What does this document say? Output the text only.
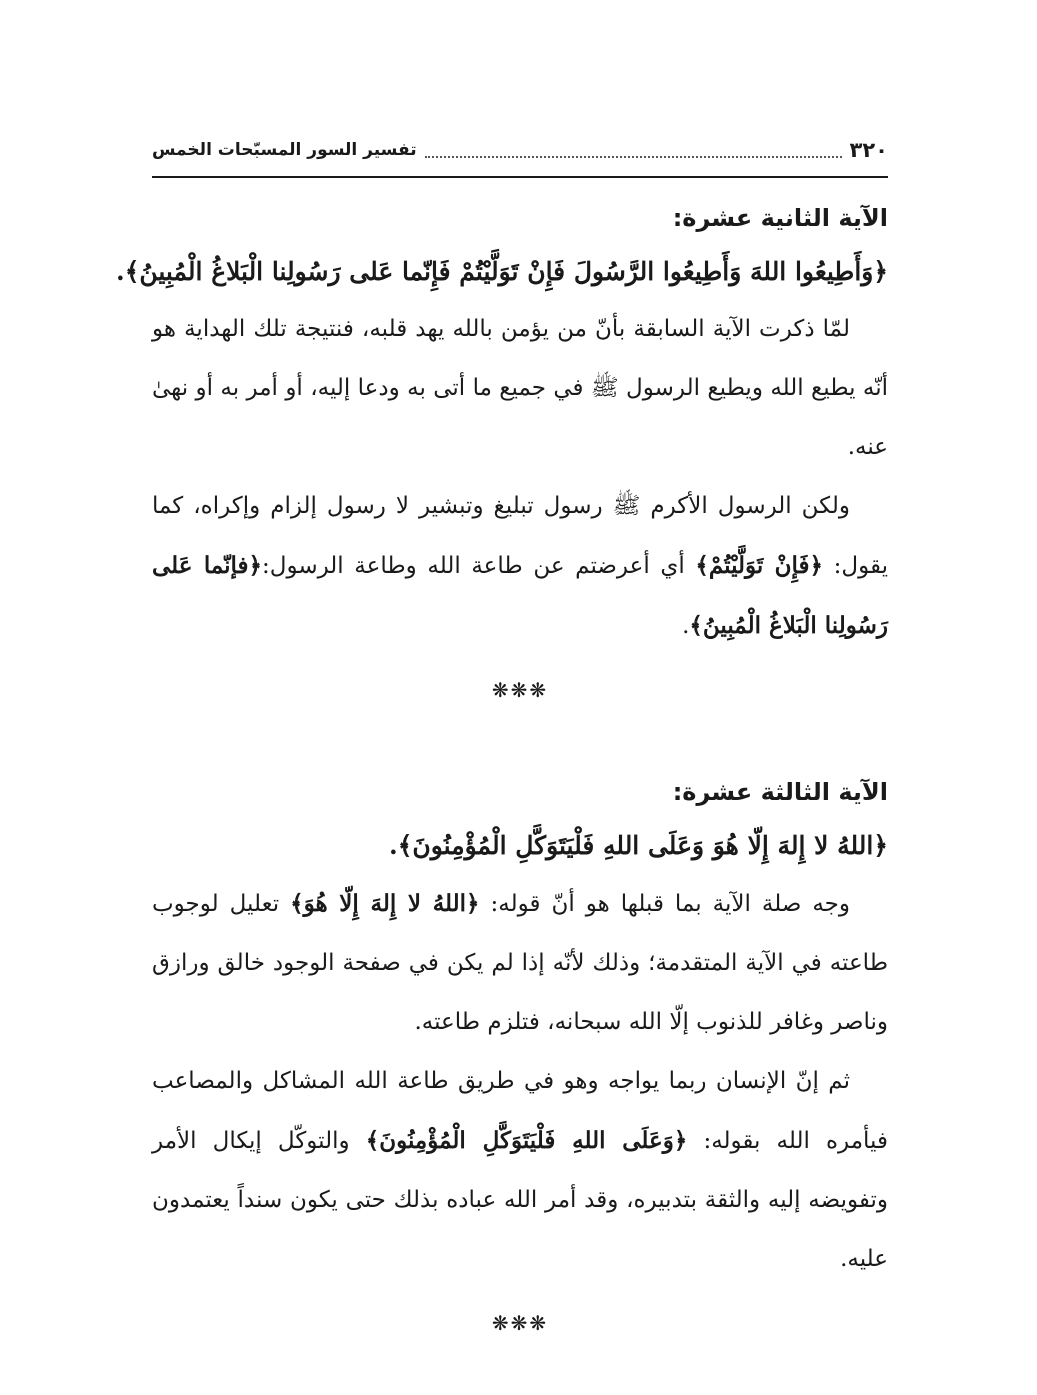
٣٢٠
تفسير السور المسبّحات الخمس

الآية الثانية عشرة:

﴿وَأَطِيعُوا اللهَ وَأَطِيعُوا الرَّسُولَ فَإِنْ تَوَلَّيْتُمْ فَإِنّما عَلى رَسُولِنا الْبَلاغُ الْمُبِينُ﴾.

لمّا ذكرت الآية السابقة بأنّ من يؤمن بالله يهد قلبه، فنتيجة تلك الهداية هو أنّه يطيع الله ويطيع الرسول ﷺ في جميع ما أتى به ودعا إليه، أو أمر به أو نهىٰ عنه.

ولكن الرسول الأكرم ﷺ رسول تبليغ وتبشير لا رسول إلزام وإكراه، كما يقول: ﴿فَإِنْ تَوَلَّيْتُمْ﴾ أي أعرضتم عن طاعة الله وطاعة الرسول:﴿فإنّما عَلى رَسُولِنا الْبَلاغُ الْمُبِينُ﴾.

❋❋❋

الآية الثالثة عشرة:

﴿اللهُ لا إِلهَ إِلّا هُوَ وَعَلَى اللهِ فَلْيَتَوَكَّلِ الْمُؤْمِنُونَ﴾.

وجه صلة الآية بما قبلها هو أنّ قوله: ﴿اللهُ لا إِلهَ إِلّا هُوَ﴾ تعليل لوجوب طاعته في الآية المتقدمة؛ وذلك لأنّه إذا لم يكن في صفحة الوجود خالق ورازق وناصر وغافر للذنوب إلّا الله سبحانه، فتلزم طاعته.

ثم إنّ الإنسان ربما يواجه وهو في طريق طاعة الله المشاكل والمصاعب فيأمره الله بقوله: ﴿وَعَلَى اللهِ فَلْيَتَوَكَّلِ الْمُؤْمِنُونَ﴾ والتوكّل إيكال الأمر وتفويضه إليه والثقة بتدبيره، وقد أمر الله عباده بذلك حتى يكون سنداً يعتمدون عليه.

❋❋❋
